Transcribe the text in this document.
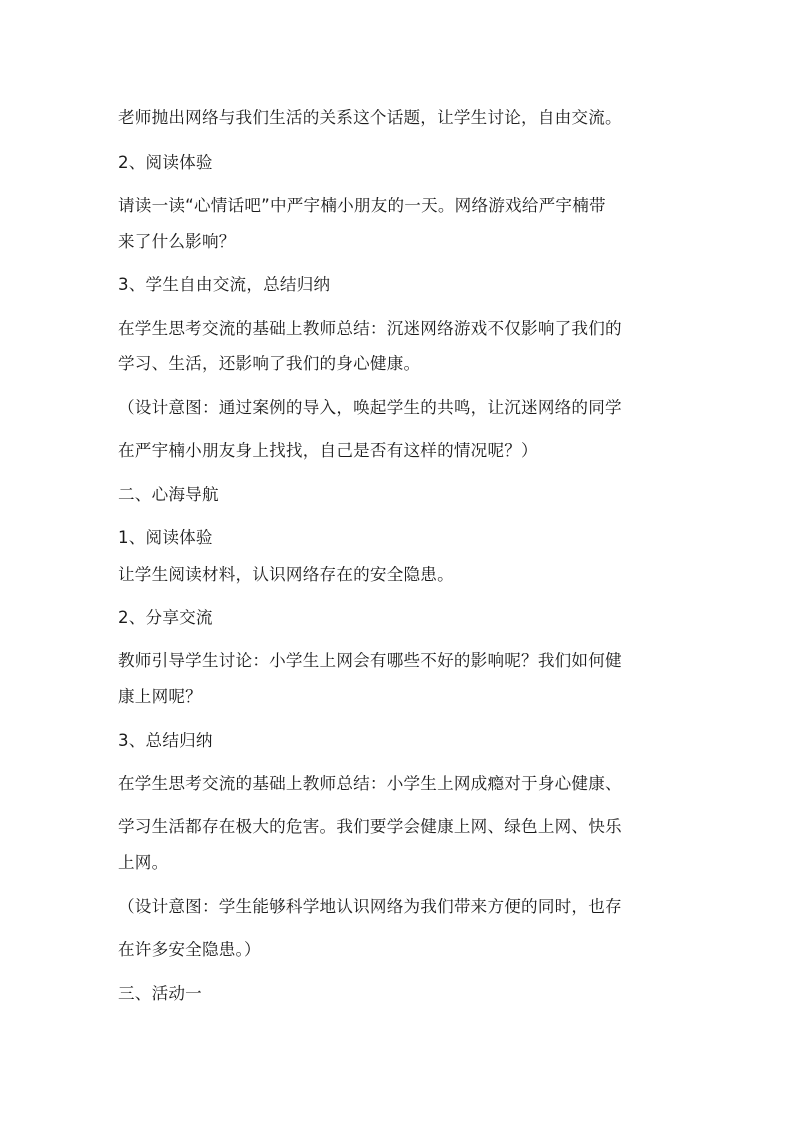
老师抛出网络与我们生活的关系这个话题，让学生讨论，自由交流。
2、阅读体验
请读一读“心情话吧”中严宇楠小朋友的一天。网络游戏给严宇楠带
来了什么影响？
3、学生自由交流，总结归纳
在学生思考交流的基础上教师总结：沉迷网络游戏不仅影响了我们的
学习、生活，还影响了我们的身心健康。
（设计意图：通过案例的导入，唤起学生的共鸣，让沉迷网络的同学
在严宇楠小朋友身上找找，自己是否有这样的情况呢？）
二、心海导航
1、阅读体验
让学生阅读材料，认识网络存在的安全隐患。
2、分享交流
教师引导学生讨论：小学生上网会有哪些不好的影响呢？我们如何健
康上网呢？
3、总结归纳
在学生思考交流的基础上教师总结：小学生上网成瘾对于身心健康、
学习生活都存在极大的危害。我们要学会健康上网、绿色上网、快乐
上网。
（设计意图：学生能够科学地认识网络为我们带来方便的同时，也存
在许多安全隐患。）
三、活动一
